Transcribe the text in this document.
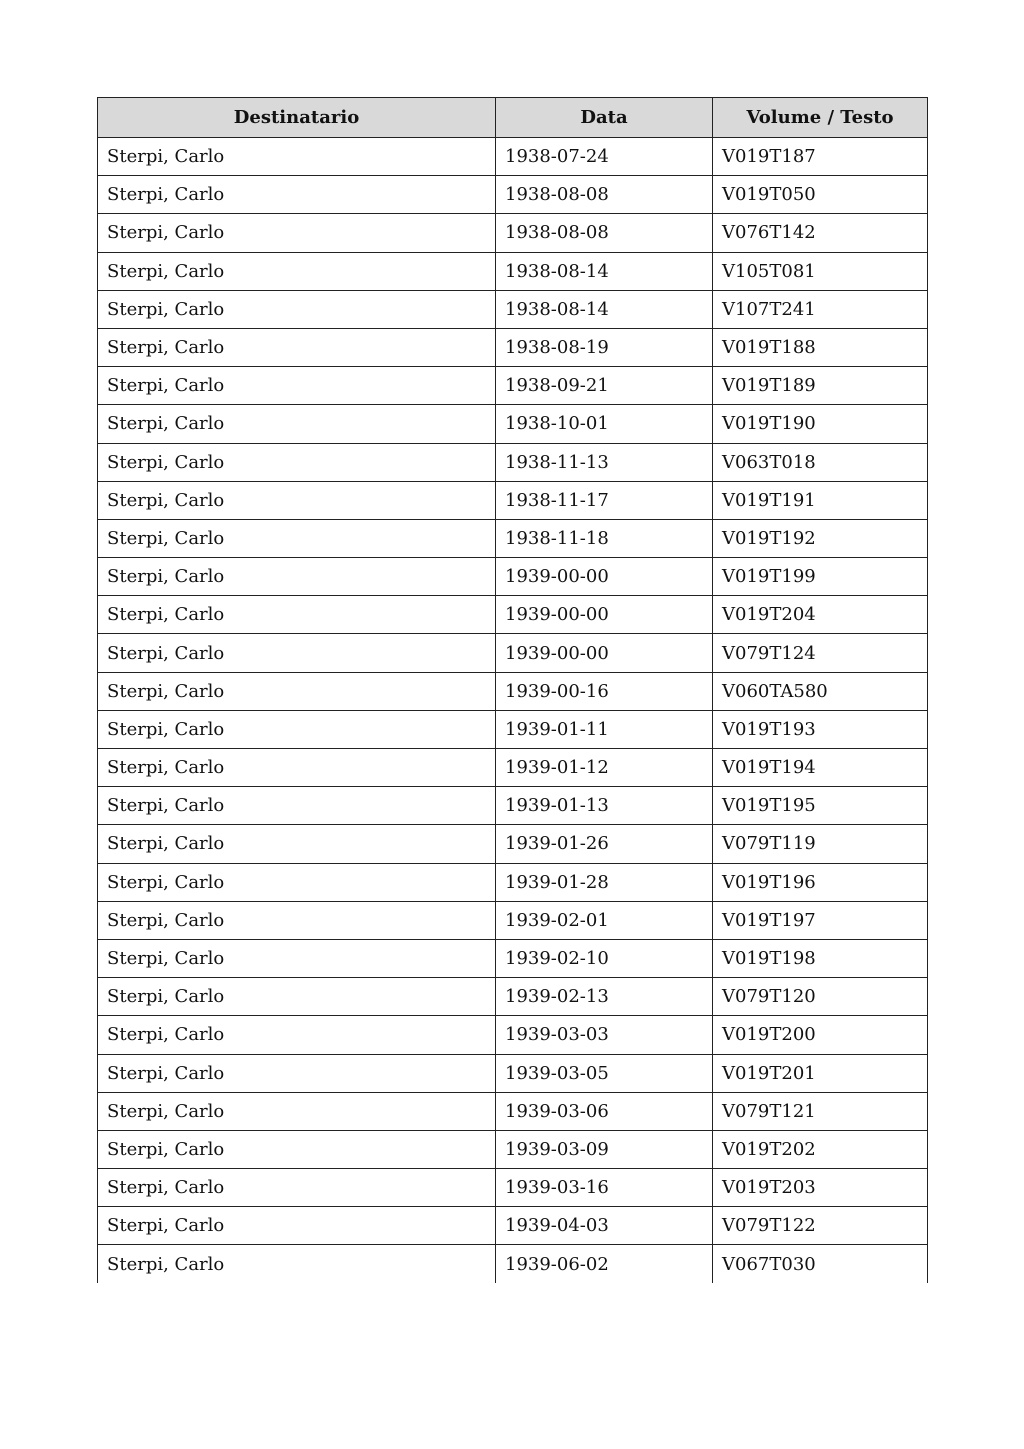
Destinatario	Data	Volume / Testo
Sterpi, Carlo	1938-07-24	V019T187
Sterpi, Carlo	1938-08-08	V019T050
Sterpi, Carlo	1938-08-08	V076T142
Sterpi, Carlo	1938-08-14	V105T081
Sterpi, Carlo	1938-08-14	V107T241
Sterpi, Carlo	1938-08-19	V019T188
Sterpi, Carlo	1938-09-21	V019T189
Sterpi, Carlo	1938-10-01	V019T190
Sterpi, Carlo	1938-11-13	V063T018
Sterpi, Carlo	1938-11-17	V019T191
Sterpi, Carlo	1938-11-18	V019T192
Sterpi, Carlo	1939-00-00	V019T199
Sterpi, Carlo	1939-00-00	V019T204
Sterpi, Carlo	1939-00-00	V079T124
Sterpi, Carlo	1939-00-16	V060TA580
Sterpi, Carlo	1939-01-11	V019T193
Sterpi, Carlo	1939-01-12	V019T194
Sterpi, Carlo	1939-01-13	V019T195
Sterpi, Carlo	1939-01-26	V079T119
Sterpi, Carlo	1939-01-28	V019T196
Sterpi, Carlo	1939-02-01	V019T197
Sterpi, Carlo	1939-02-10	V019T198
Sterpi, Carlo	1939-02-13	V079T120
Sterpi, Carlo	1939-03-03	V019T200
Sterpi, Carlo	1939-03-05	V019T201
Sterpi, Carlo	1939-03-06	V079T121
Sterpi, Carlo	1939-03-09	V019T202
Sterpi, Carlo	1939-03-16	V019T203
Sterpi, Carlo	1939-04-03	V079T122
Sterpi, Carlo	1939-06-02	V067T030
